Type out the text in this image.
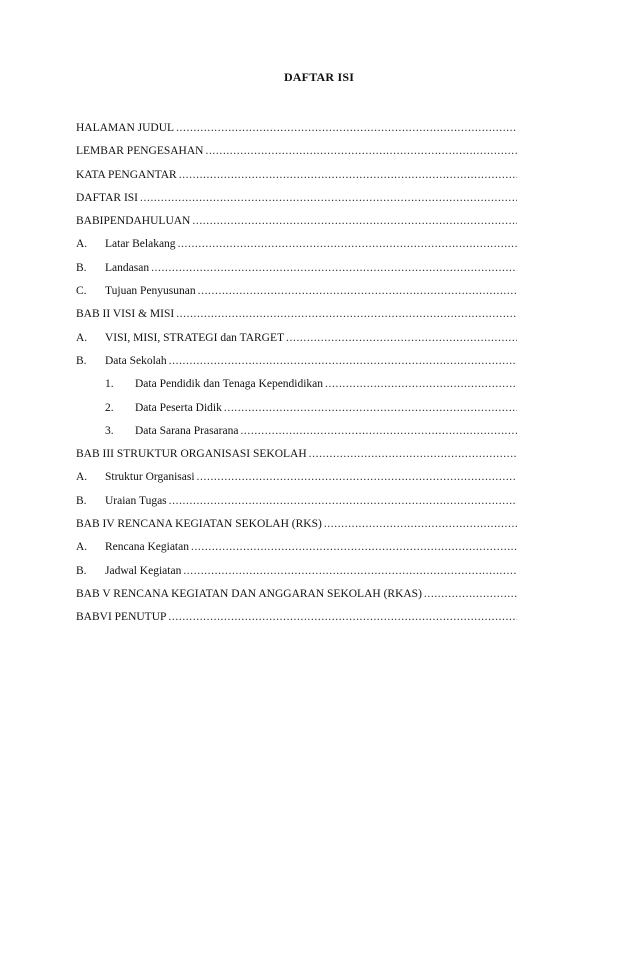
DAFTAR ISI
HALAMAN JUDUL
.....
LEMBAR PENGESAHAN
.....
KATA PENGANTAR
.....
DAFTAR ISI
.....
BABIPENDAHULUAN
.....
A.	Latar Belakang
.....
B.	Landasan
.....
C.	Tujuan Penyusunan
.....
BAB II VISI & MISI
.....
A.	VISI, MISI, STRATEGI dan TARGET
.....
B.	Data Sekolah
.....
1.	Data Pendidik dan Tenaga Kependidikan
.....
2.	Data Peserta Didik
.....
3.	Data Sarana Prasarana
.....
BAB III STRUKTUR ORGANISASI SEKOLAH
.....
A.	Struktur Organisasi
.....
B.	Uraian Tugas
.....
BAB IV RENCANA KEGIATAN SEKOLAH (RKS)
.....
A.	Rencana Kegiatan
.....
B.	Jadwal Kegiatan
.....
BAB V RENCANA KEGIATAN DAN ANGGARAN SEKOLAH (RKAS)
.....
BABVI PENUTUP
.....
